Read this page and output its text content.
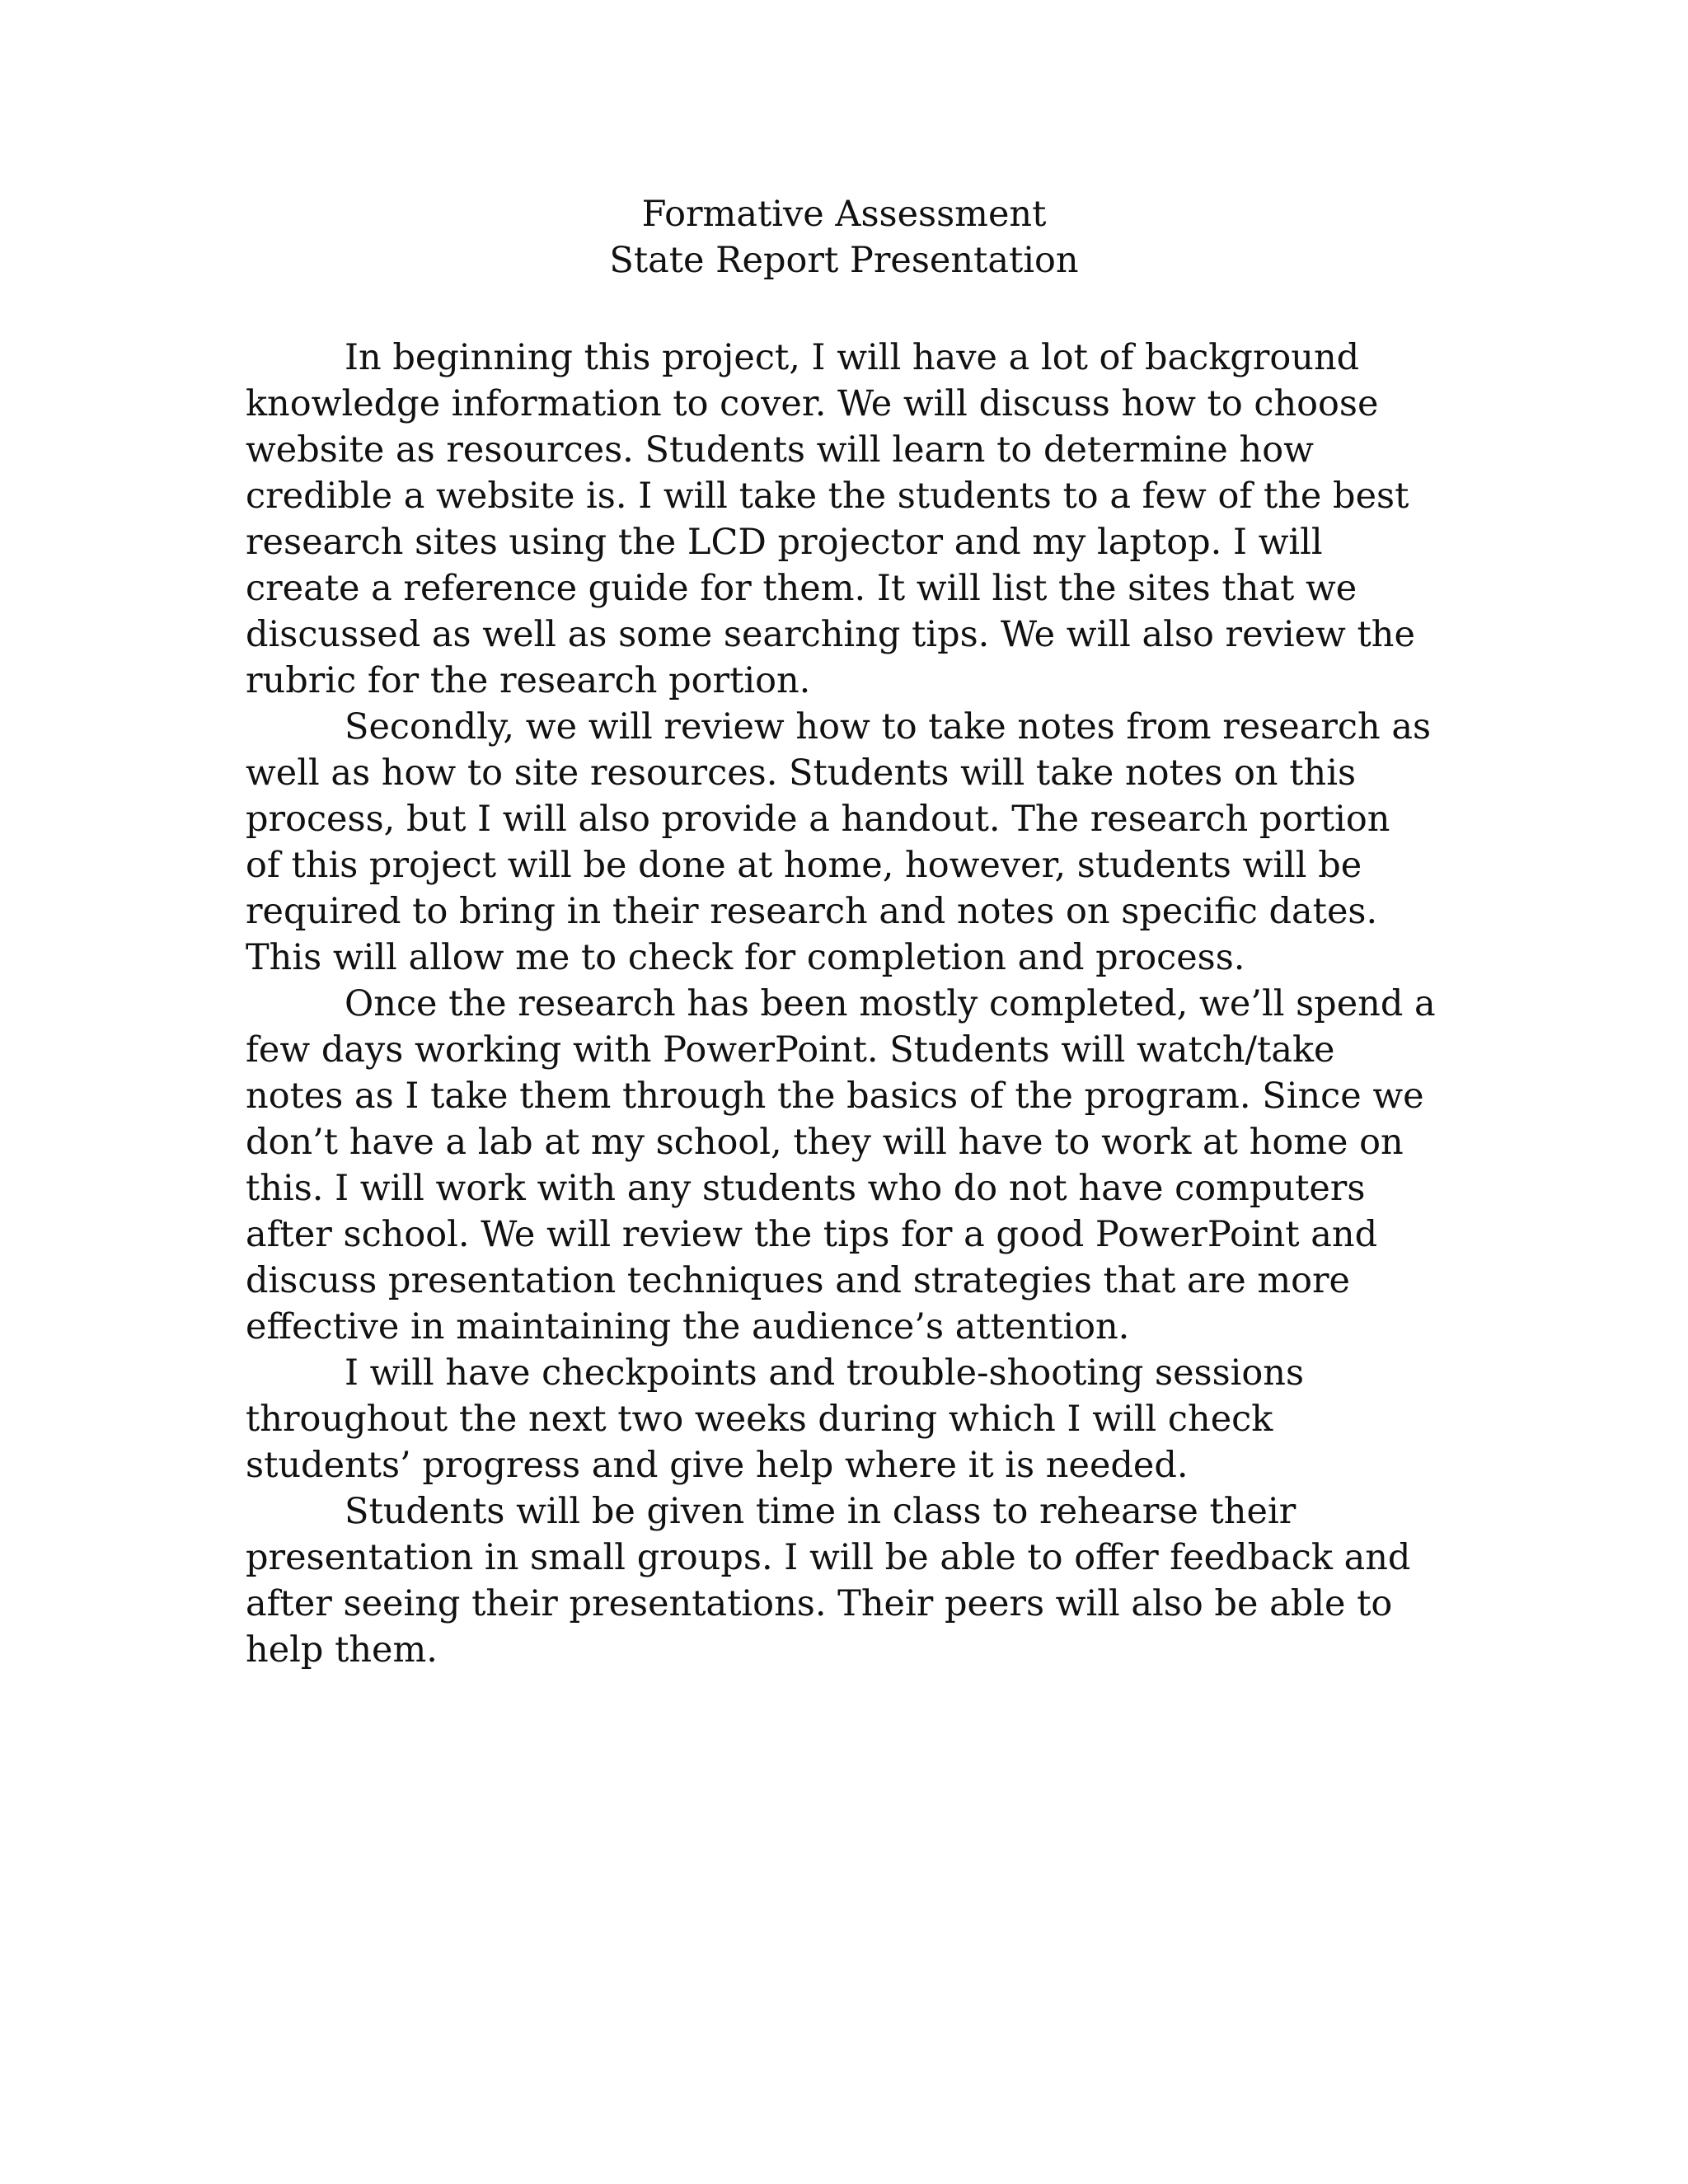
Formative Assessment
State Report Presentation
In beginning this project, I will have a lot of background
knowledge information to cover. We will discuss how to choose
website as resources. Students will learn to determine how
credible a website is. I will take the students to a few of the best
research sites using the LCD projector and my laptop. I will
create a reference guide for them. It will list the sites that we
discussed as well as some searching tips. We will also review the
rubric for the research portion.
Secondly, we will review how to take notes from research as
well as how to site resources. Students will take notes on this
process, but I will also provide a handout. The research portion
of this project will be done at home, however, students will be
required to bring in their research and notes on specific dates.
This will allow me to check for completion and process.
Once the research has been mostly completed, we’ll spend a
few days working with PowerPoint. Students will watch/take
notes as I take them through the basics of the program. Since we
don’t have a lab at my school, they will have to work at home on
this. I will work with any students who do not have computers
after school. We will review the tips for a good PowerPoint and
discuss presentation techniques and strategies that are more
effective in maintaining the audience’s attention.
I will have checkpoints and trouble-shooting sessions
throughout the next two weeks during which I will check
students’ progress and give help where it is needed.
Students will be given time in class to rehearse their
presentation in small groups. I will be able to offer feedback and
after seeing their presentations. Their peers will also be able to
help them.
